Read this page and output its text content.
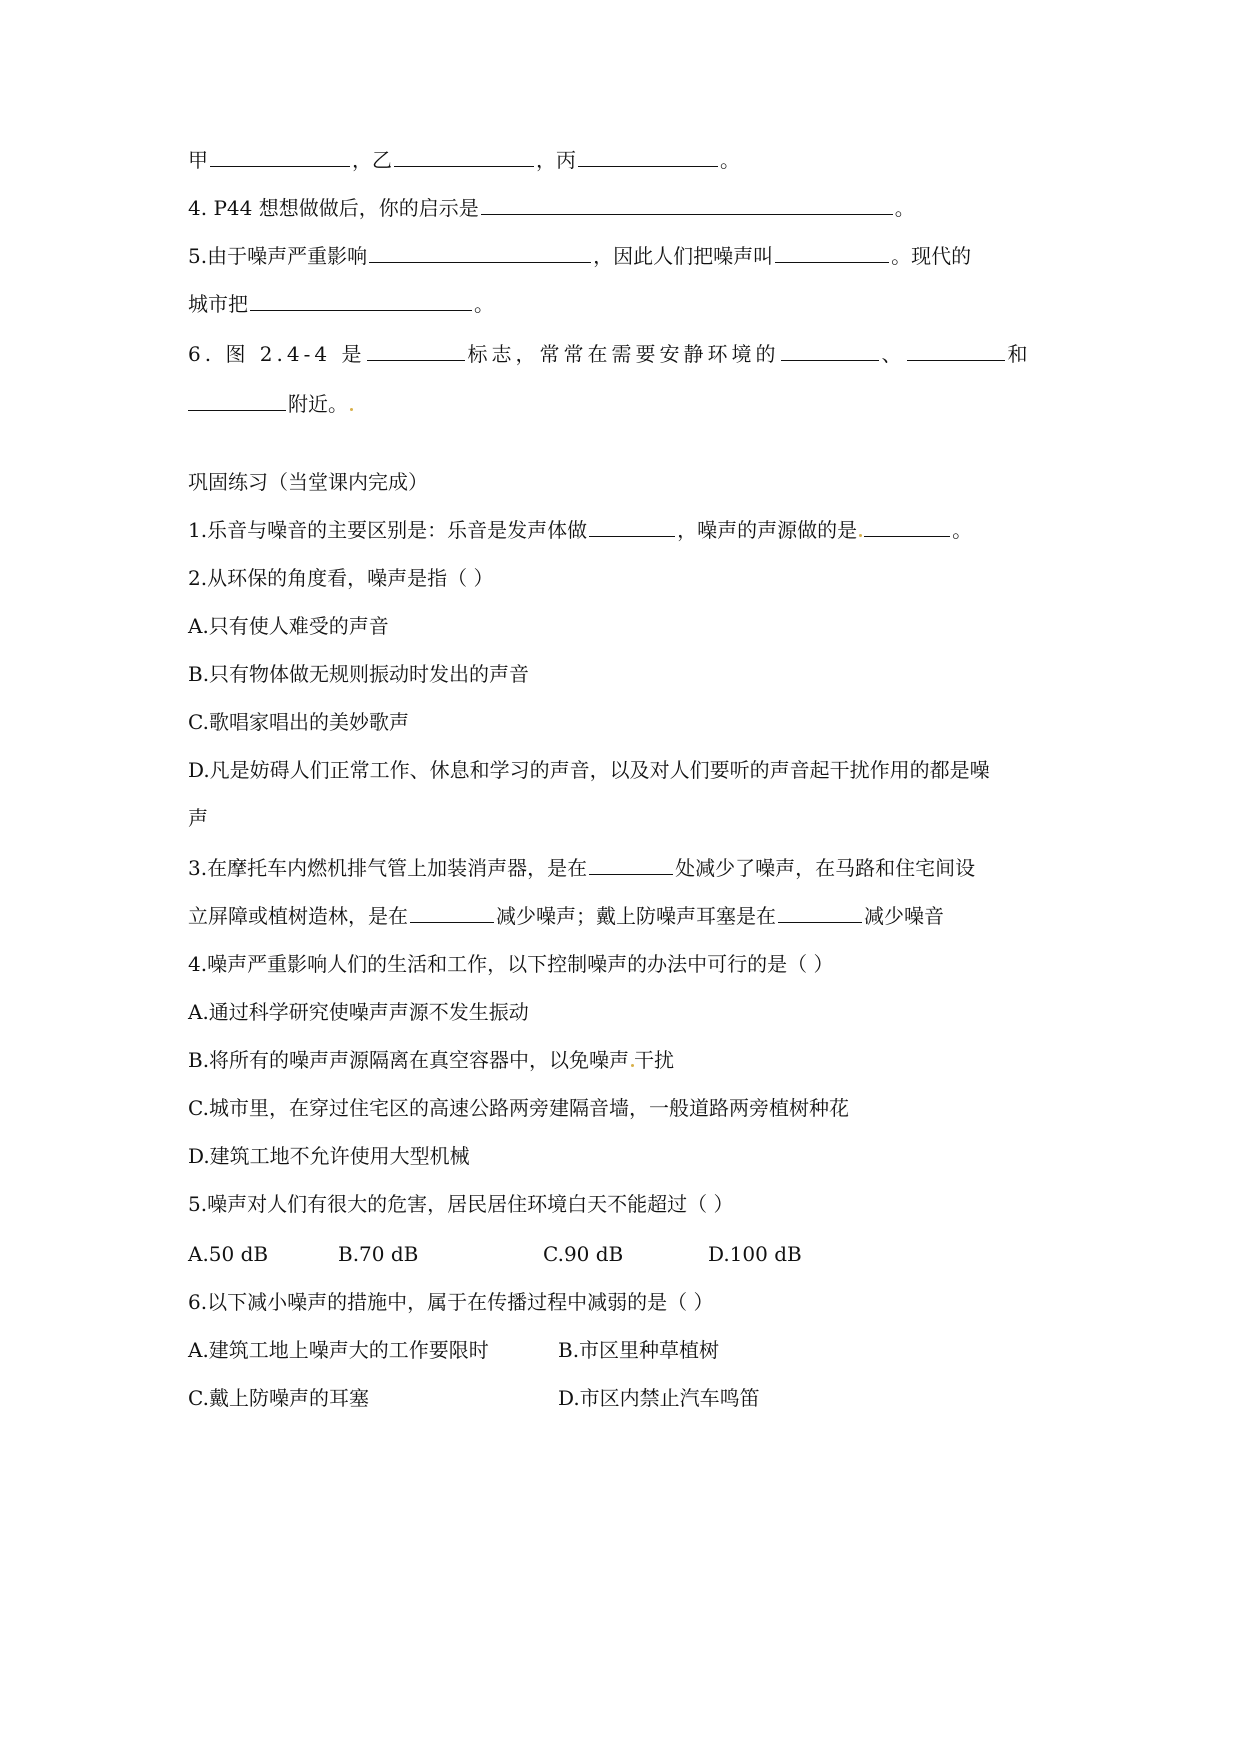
甲	，乙	，丙	。
4. P44 想想做做后，你的启示是	。
5.由于噪声严重影响	，因此人们把噪声叫	。现代的
城市把	。
6. 图 2.4-4 是	标志，常常在需要安静环境的	、	和
附近。
巩固练习（当堂课内完成）
1.乐音与噪音的主要区别是：乐音是发声体做	，噪声的声源做的是	。
2.从环保的角度看，噪声是指（ ）
A.只有使人难受的声音
B.只有物体做无规则振动时发出的声音
C.歌唱家唱出的美妙歌声
D.凡是妨碍人们正常工作、休息和学习的声音，以及对人们要听的声音起干扰作用的都是噪
声
3.在摩托车内燃机排气管上加装消声器，是在	处减少了噪声，在马路和住宅间设
立屏障或植树造林，是在	减少噪声；戴上防噪声耳塞是在	减少噪音
4.噪声严重影响人们的生活和工作，以下控制噪声的办法中可行的是（ ）
A.通过科学研究使噪声声源不发生振动
B.将所有的噪声声源隔离在真空容器中，以免噪声 干扰
C.城市里，在穿过住宅区的高速公路两旁建隔音墙，一般道路两旁植树种花
D.建筑工地不允许使用大型机械
5.噪声对人们有很大的危害，居民居住环境白天不能超过（ ）
A.50 dB	B.70 dB	C.90 dB	D.100 dB
6.以下减小噪声的措施中，属于在传播过程中减弱的是（ ）
A.建筑工地上噪声大的工作要限时	B.市区里种草植树
C.戴上防噪声的耳塞	D.市区内禁止汽车鸣笛
